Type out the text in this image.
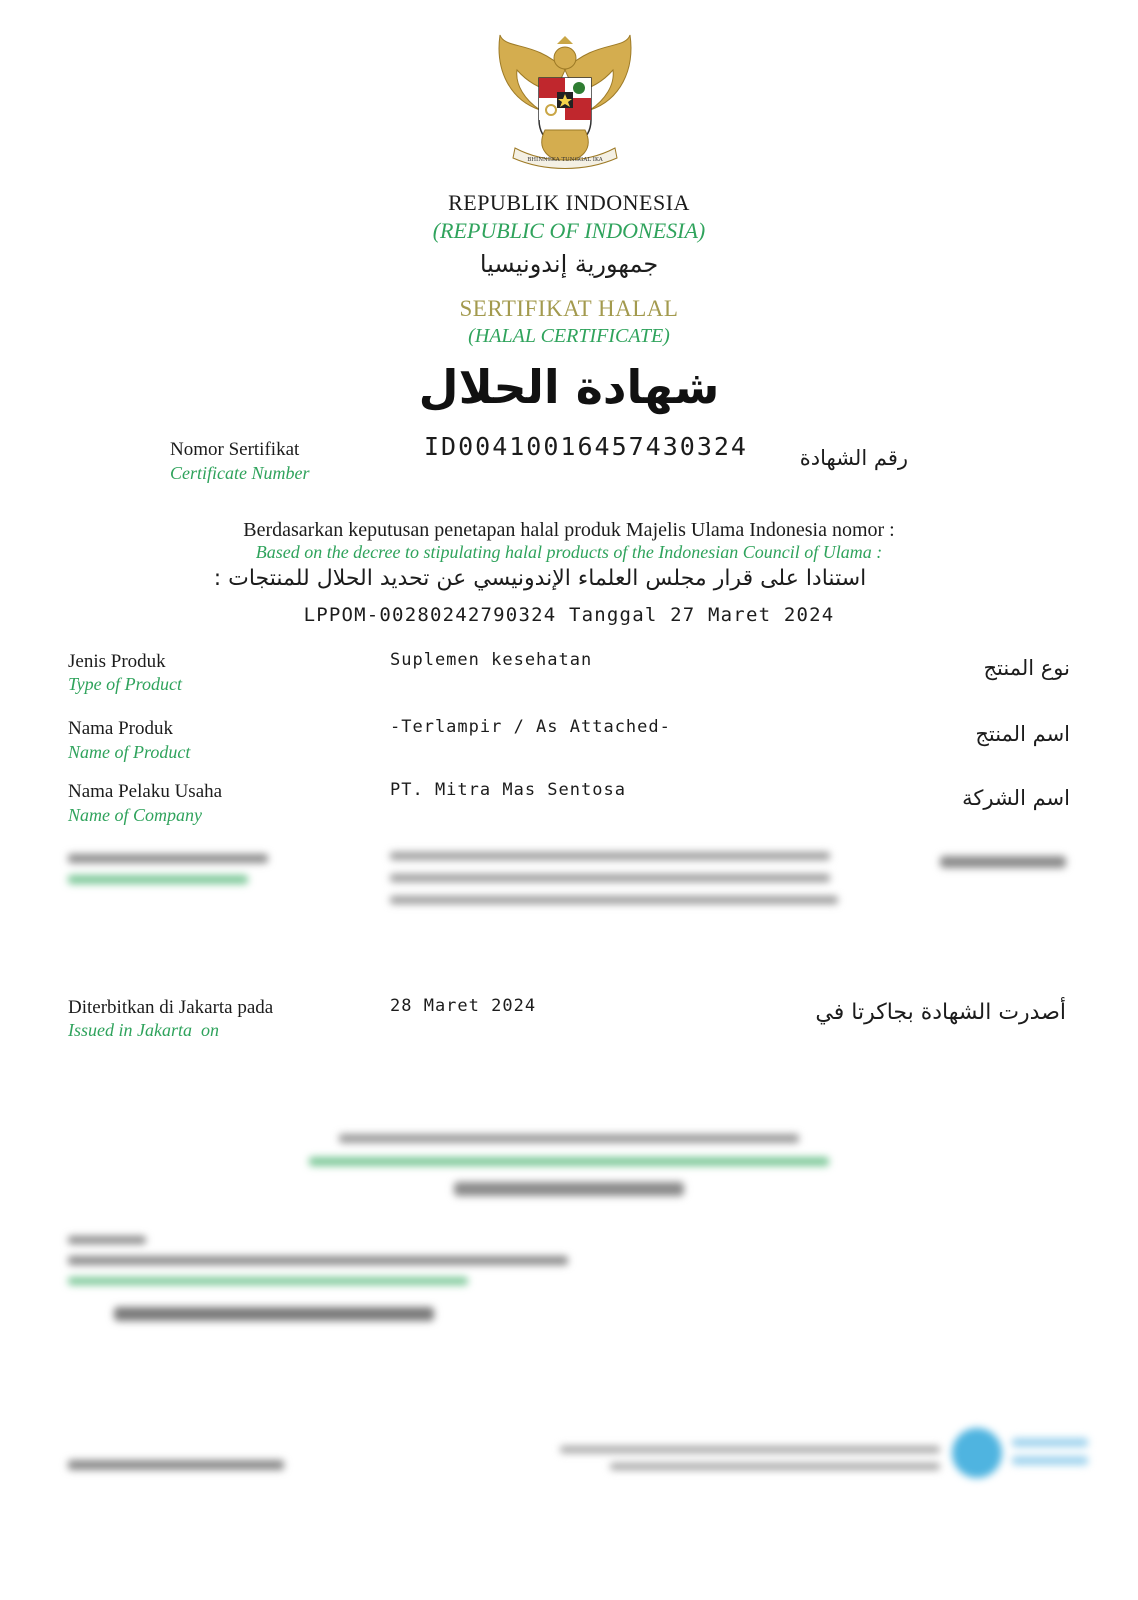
BHINNEKA TUNGGAL IKA
REPUBLIK INDONESIA
(REPUBLIC OF INDONESIA)
جمهورية إندونيسيا
SERTIFIKAT HALAL
(HALAL CERTIFICATE)
شهادة الحلال
Nomor Sertifikat
Certificate Number
ID00410016457430324	رقم الشهادة
Berdasarkan keputusan penetapan halal produk Majelis Ulama Indonesia nomor :
Based on the decree to stipulating halal products of the Indonesian Council of Ulama :
استنادا على قرار مجلس العلماء الإندونيسي عن تحديد الحلال للمنتجات :
LPPOM-00280242790324 Tanggal 27 Maret 2024
Jenis Produk
Type of Product
Suplemen kesehatan	نوع المنتج
Nama Produk
Name of Product
-Terlampir / As Attached-	اسم المنتج
Nama Pelaku Usaha
Name of Company
PT. Mitra Mas Sentosa	اسم الشركة
Diterbitkan di Jakarta pada
Issued in Jakarta  on
28 Maret 2024	أصدرت الشهادة بجاكرتا في
